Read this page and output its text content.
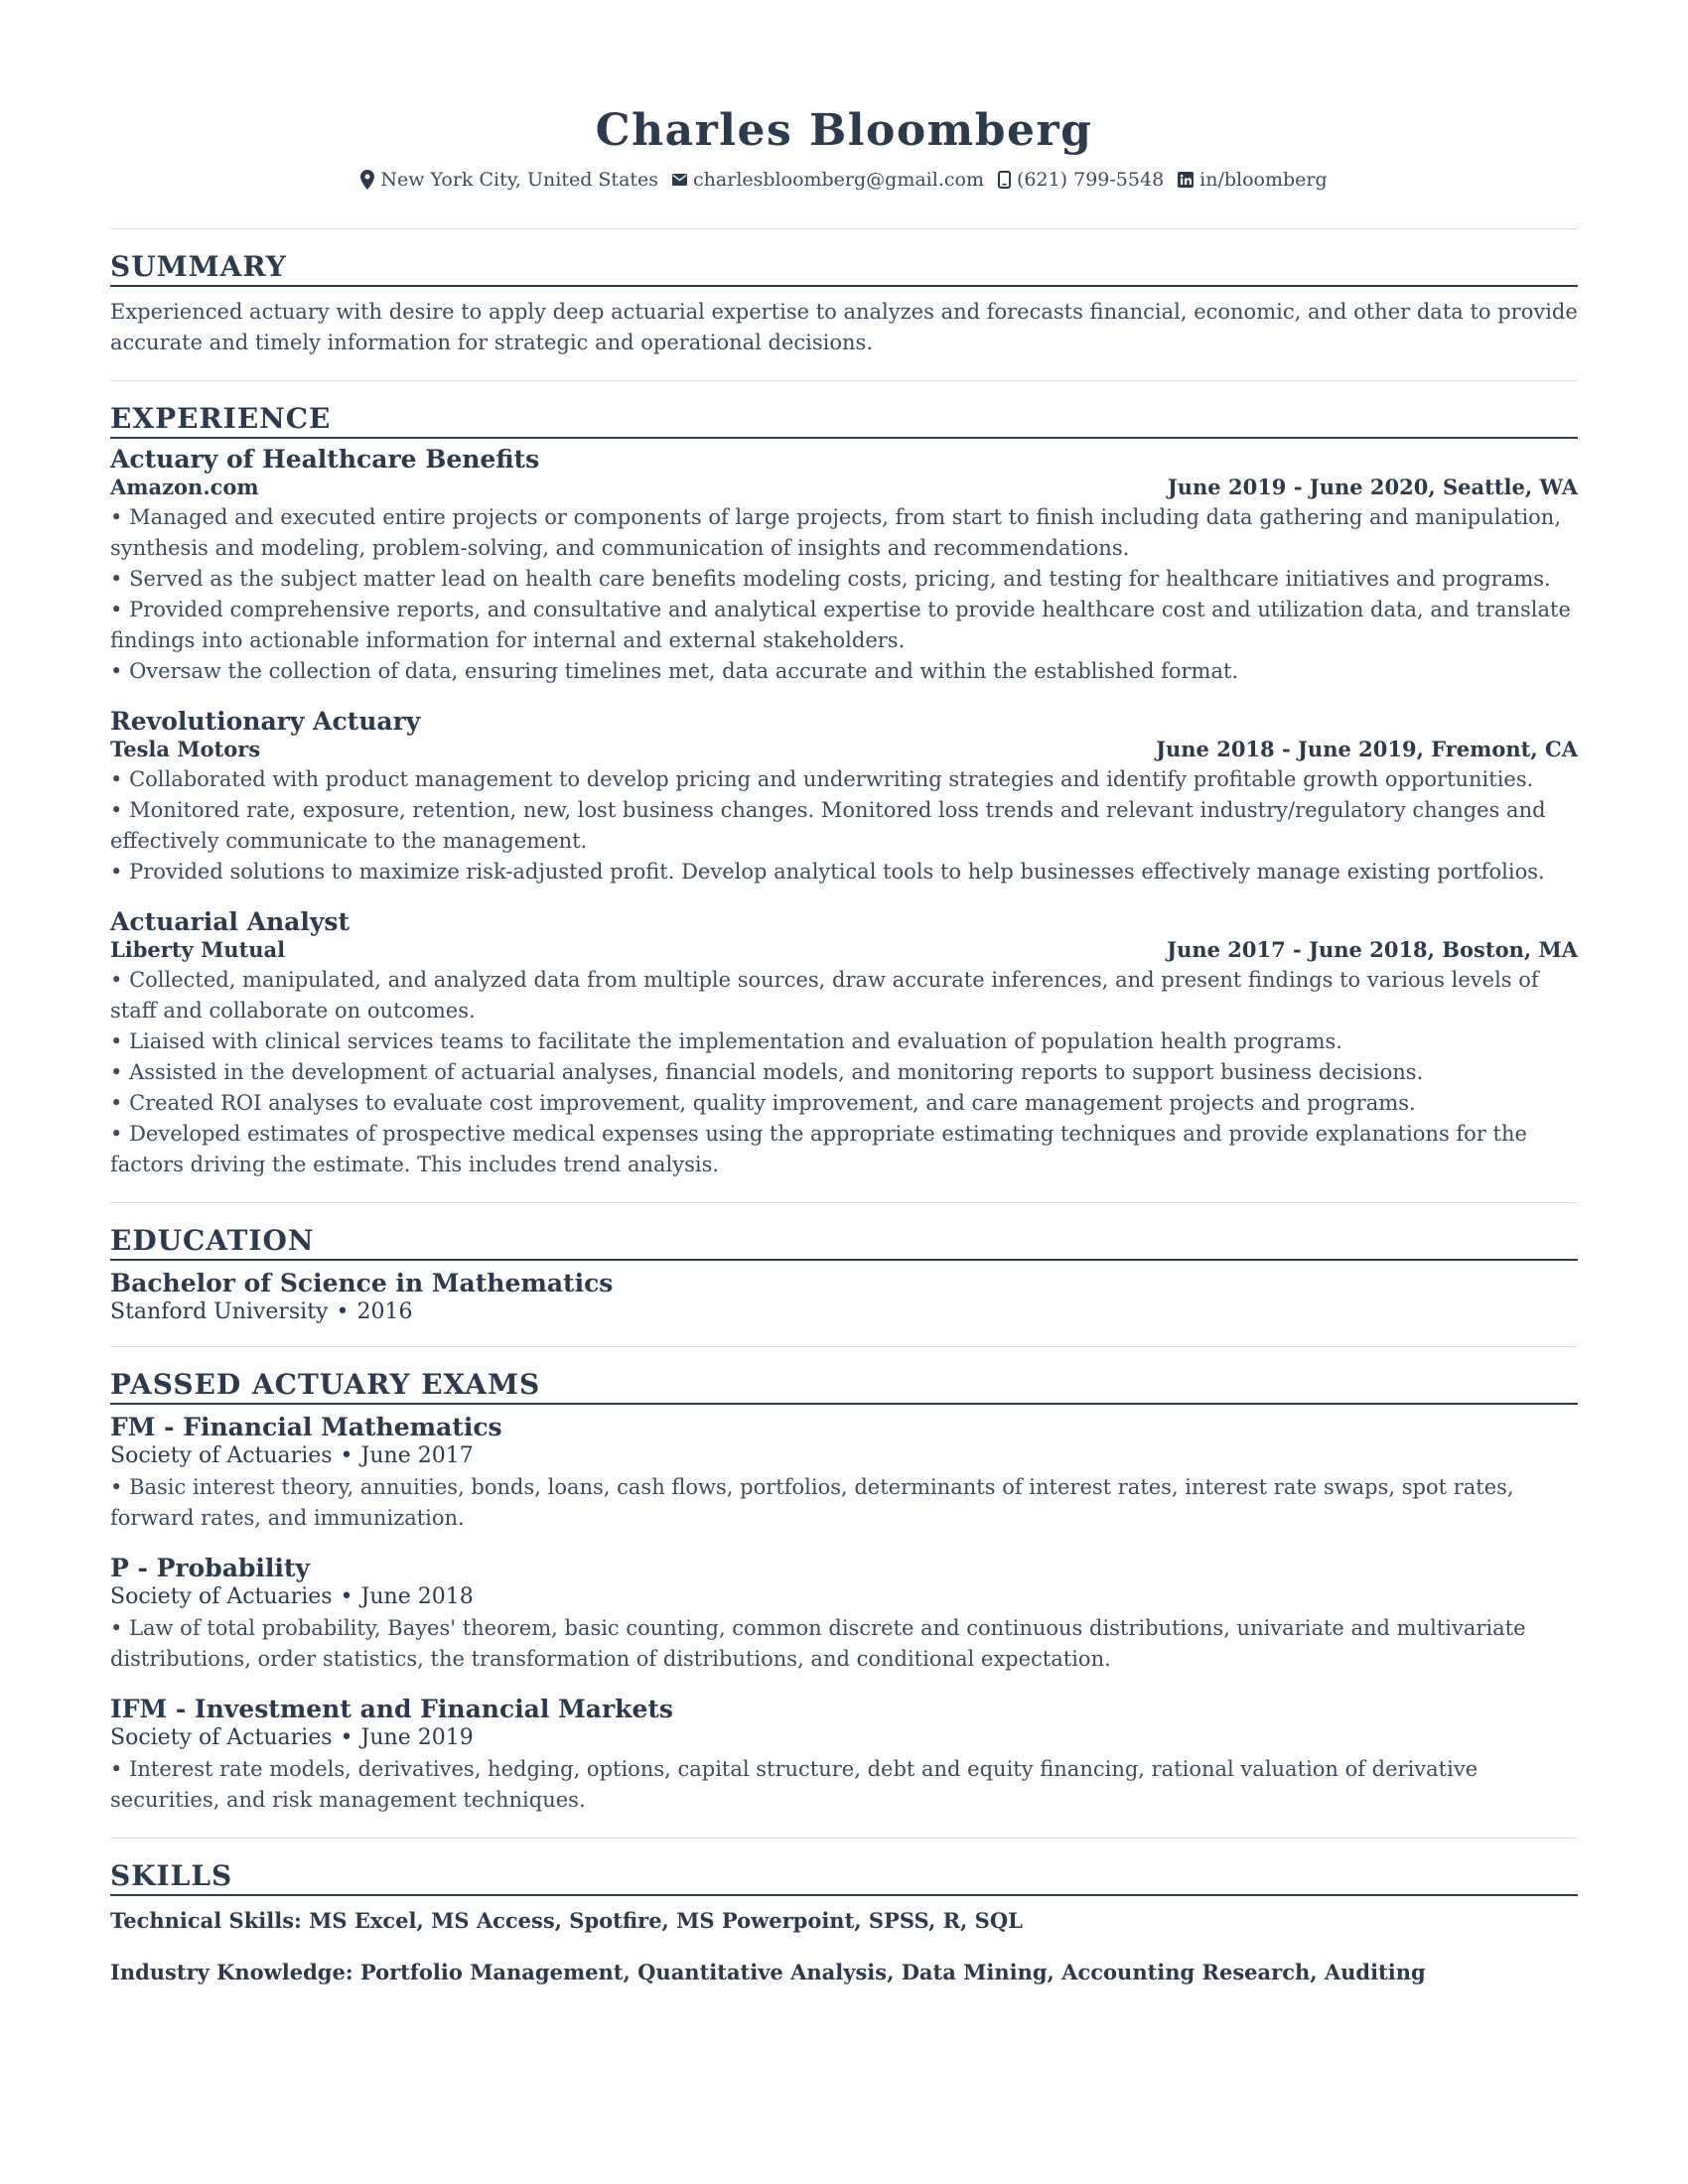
Charles Bloomberg
New York City, United States charlesbloomberg@gmail.com (621) 799-5548 in/bloomberg
SUMMARY
Experienced actuary with desire to apply deep actuarial expertise to analyzes and forecasts financial, economic, and other data to provide accurate and timely information for strategic and operational decisions.
EXPERIENCE
Actuary of Healthcare Benefits
Amazon.com	June 2019 - June 2020, Seattle, WA
• Managed and executed entire projects or components of large projects, from start to finish including data gathering and manipulation, synthesis and modeling, problem-solving, and communication of insights and recommendations.
• Served as the subject matter lead on health care benefits modeling costs, pricing, and testing for healthcare initiatives and programs.
• Provided comprehensive reports, and consultative and analytical expertise to provide healthcare cost and utilization data, and translate findings into actionable information for internal and external stakeholders.
• Oversaw the collection of data, ensuring timelines met, data accurate and within the established format.
Revolutionary Actuary
Tesla Motors	June 2018 - June 2019, Fremont, CA
• Collaborated with product management to develop pricing and underwriting strategies and identify profitable growth opportunities.
• Monitored rate, exposure, retention, new, lost business changes. Monitored loss trends and relevant industry/regulatory changes and effectively communicate to the management.
• Provided solutions to maximize risk-adjusted profit. Develop analytical tools to help businesses effectively manage existing portfolios.
Actuarial Analyst
Liberty Mutual	June 2017 - June 2018, Boston, MA
• Collected, manipulated, and analyzed data from multiple sources, draw accurate inferences, and present findings to various levels of staff and collaborate on outcomes.
• Liaised with clinical services teams to facilitate the implementation and evaluation of population health programs.
• Assisted in the development of actuarial analyses, financial models, and monitoring reports to support business decisions.
• Created ROI analyses to evaluate cost improvement, quality improvement, and care management projects and programs.
• Developed estimates of prospective medical expenses using the appropriate estimating techniques and provide explanations for the factors driving the estimate. This includes trend analysis.
EDUCATION
Bachelor of Science in Mathematics
Stanford University • 2016
PASSED ACTUARY EXAMS
FM - Financial Mathematics
Society of Actuaries • June 2017
• Basic interest theory, annuities, bonds, loans, cash flows, portfolios, determinants of interest rates, interest rate swaps, spot rates, forward rates, and immunization.
P - Probability
Society of Actuaries • June 2018
• Law of total probability, Bayes' theorem, basic counting, common discrete and continuous distributions, univariate and multivariate distributions, order statistics, the transformation of distributions, and conditional expectation.
IFM - Investment and Financial Markets
Society of Actuaries • June 2019
• Interest rate models, derivatives, hedging, options, capital structure, debt and equity financing, rational valuation of derivative securities, and risk management techniques.
SKILLS
Technical Skills: MS Excel, MS Access, Spotfire, MS Powerpoint, SPSS, R, SQL
Industry Knowledge: Portfolio Management, Quantitative Analysis, Data Mining, Accounting Research, Auditing
